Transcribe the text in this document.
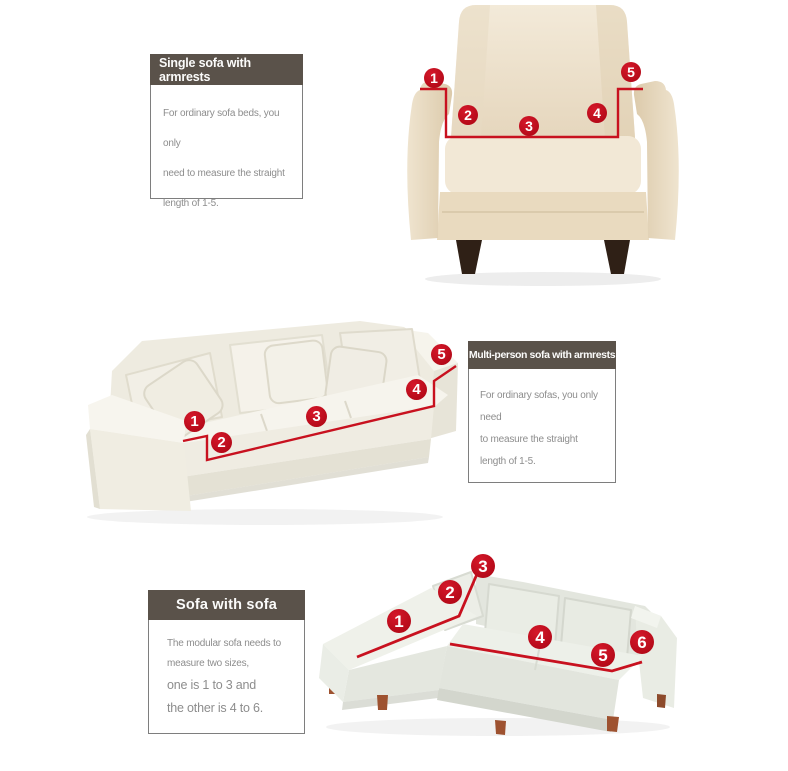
1
2
3
4
5
1
2
3
4
5
1
2
3
4
5
6
Single sofa with armrests
For ordinary sofa beds, you only
need to measure the straight
length of 1-5.
Multi-person sofa with armrests
For ordinary sofas, you only need
to measure the straight
length of 1-5.
Sofa with sofa
The modular sofa needs to
measure two sizes,
one is 1 to 3 and
the other is 4 to 6.
